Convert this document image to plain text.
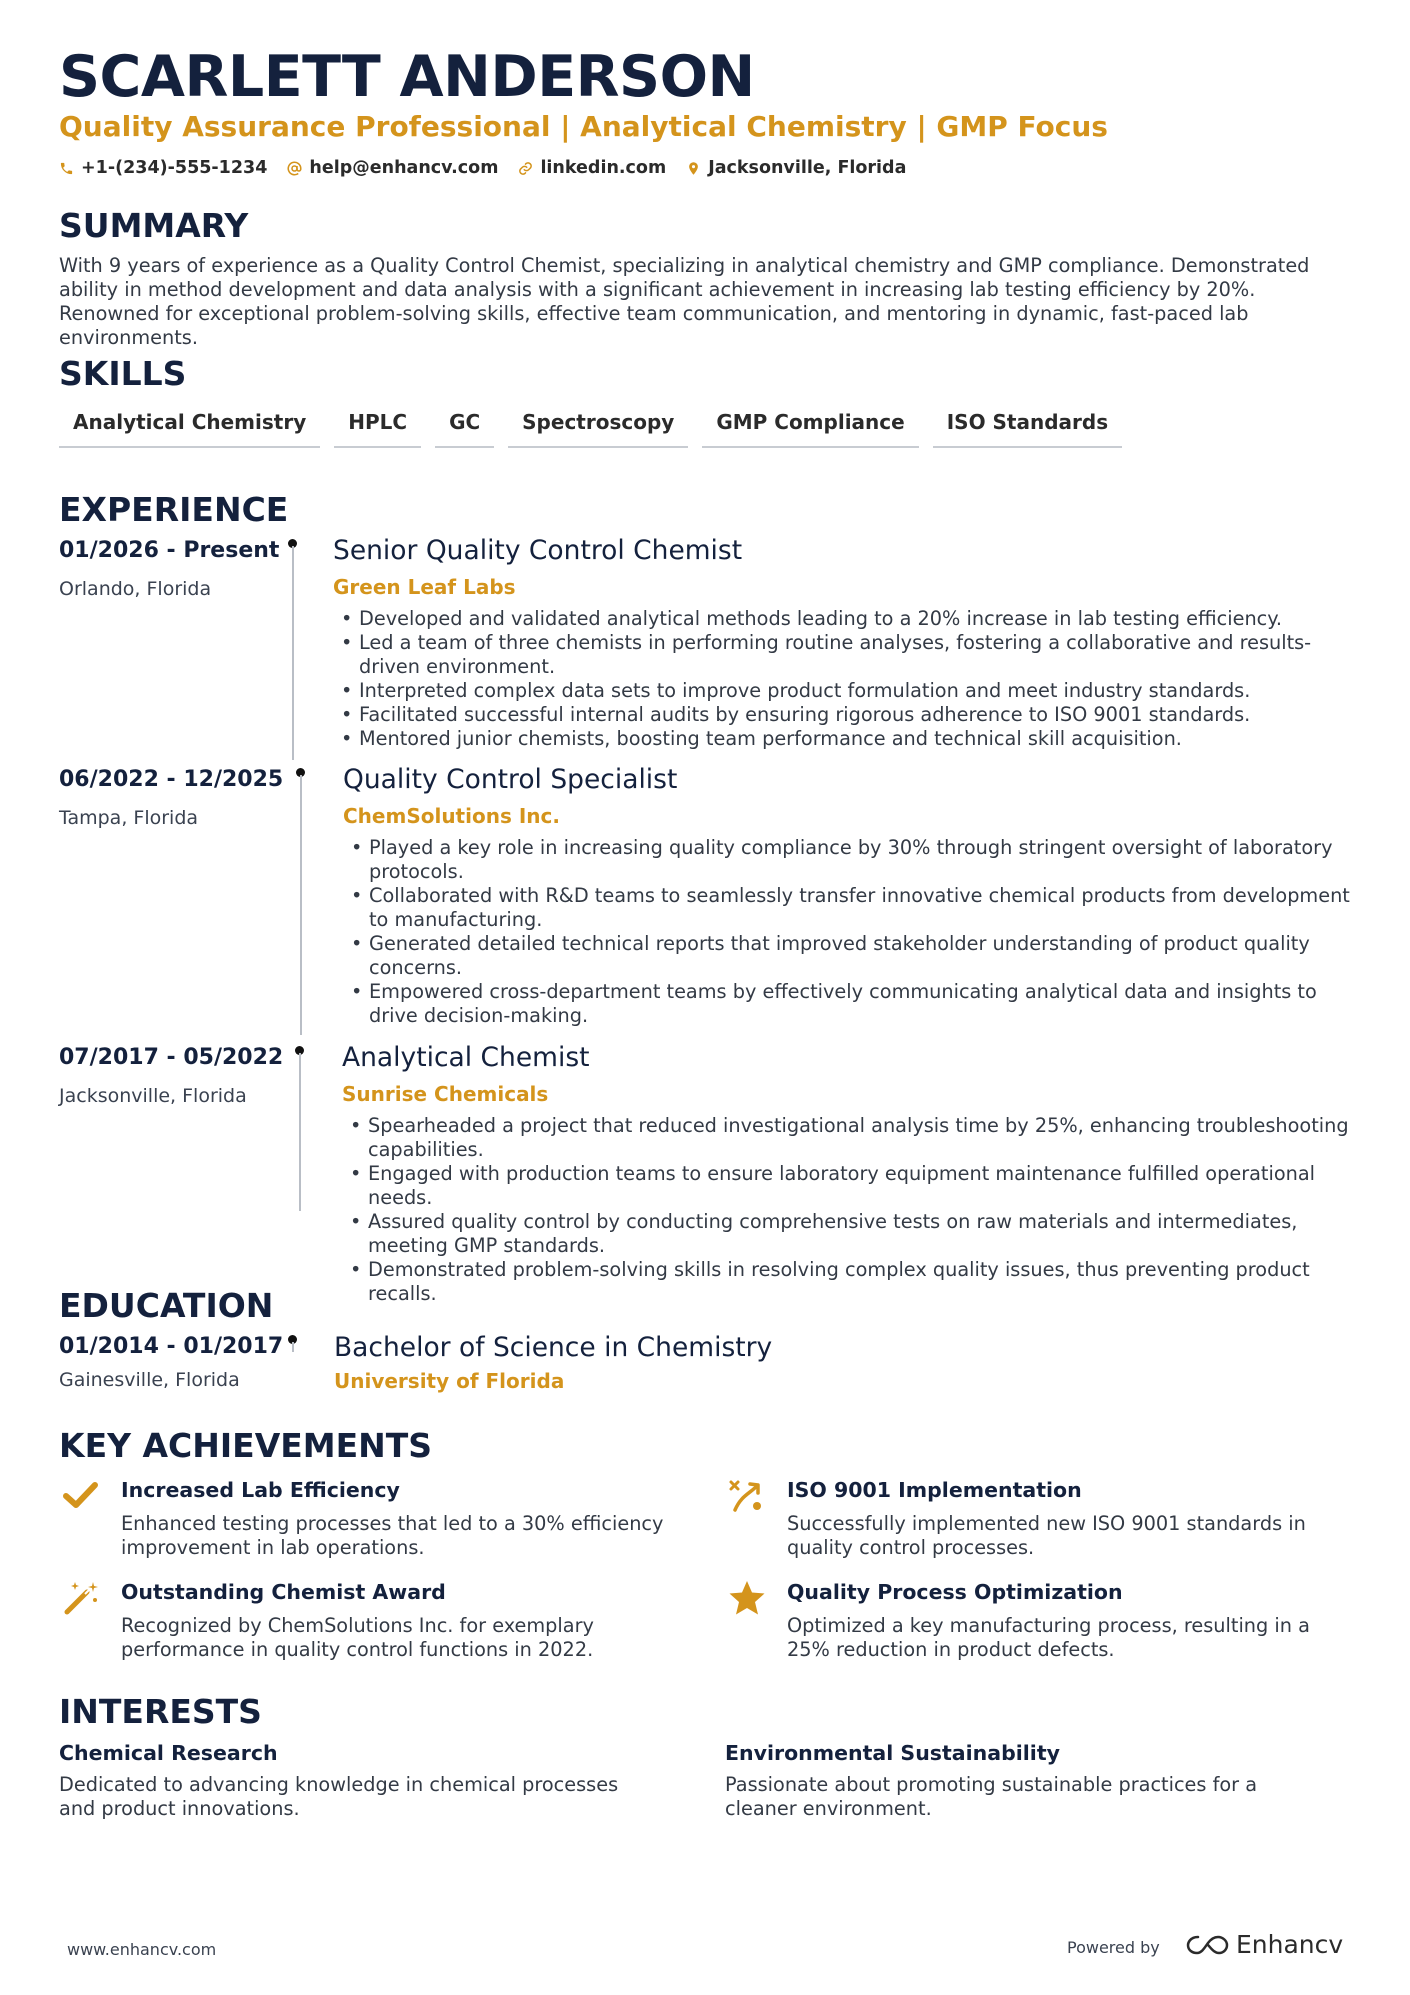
SCARLETT ANDERSON
Quality Assurance Professional | Analytical Chemistry | GMP Focus
+1-(234)-555-1234 help@enhancv.com linkedin.com Jacksonville, Florida
SUMMARY
With 9 years of experience as a Quality Control Chemist, specializing in analytical chemistry and GMP compliance. Demonstrated ability in method development and data analysis with a significant achievement in increasing lab testing efficiency by 20%. Renowned for exceptional problem-solving skills, effective team communication, and mentoring in dynamic, fast-paced lab environments.
SKILLS
Analytical Chemistry	HPLC	GC	Spectroscopy	GMP Compliance	ISO Standards
EXPERIENCE
01/2026 - Present
Orlando, Florida
Senior Quality Control Chemist
Green Leaf Labs
• Developed and validated analytical methods leading to a 20% increase in lab testing efficiency.
• Led a team of three chemists in performing routine analyses, fostering a collaborative and results-driven environment.
• Interpreted complex data sets to improve product formulation and meet industry standards.
• Facilitated successful internal audits by ensuring rigorous adherence to ISO 9001 standards.
• Mentored junior chemists, boosting team performance and technical skill acquisition.
06/2022 - 12/2025
Tampa, Florida
Quality Control Specialist
ChemSolutions Inc.
• Played a key role in increasing quality compliance by 30% through stringent oversight of laboratory protocols.
• Collaborated with R&D teams to seamlessly transfer innovative chemical products from development to manufacturing.
• Generated detailed technical reports that improved stakeholder understanding of product quality concerns.
• Empowered cross-department teams by effectively communicating analytical data and insights to drive decision-making.
07/2017 - 05/2022
Jacksonville, Florida
Analytical Chemist
Sunrise Chemicals
• Spearheaded a project that reduced investigational analysis time by 25%, enhancing troubleshooting capabilities.
• Engaged with production teams to ensure laboratory equipment maintenance fulfilled operational needs.
• Assured quality control by conducting comprehensive tests on raw materials and intermediates, meeting GMP standards.
• Demonstrated problem-solving skills in resolving complex quality issues, thus preventing product recalls.
EDUCATION
01/2014 - 01/2017
Gainesville, Florida
Bachelor of Science in Chemistry
University of Florida
KEY ACHIEVEMENTS
Increased Lab Efficiency
Enhanced testing processes that led to a 30% efficiency improvement in lab operations.
ISO 9001 Implementation
Successfully implemented new ISO 9001 standards in quality control processes.
Outstanding Chemist Award
Recognized by ChemSolutions Inc. for exemplary performance in quality control functions in 2022.
Quality Process Optimization
Optimized a key manufacturing process, resulting in a 25% reduction in product defects.
INTERESTS
Chemical Research
Dedicated to advancing knowledge in chemical processes and product innovations.
Environmental Sustainability
Passionate about promoting sustainable practices for a cleaner environment.
www.enhancv.com	Powered by	Enhancv
